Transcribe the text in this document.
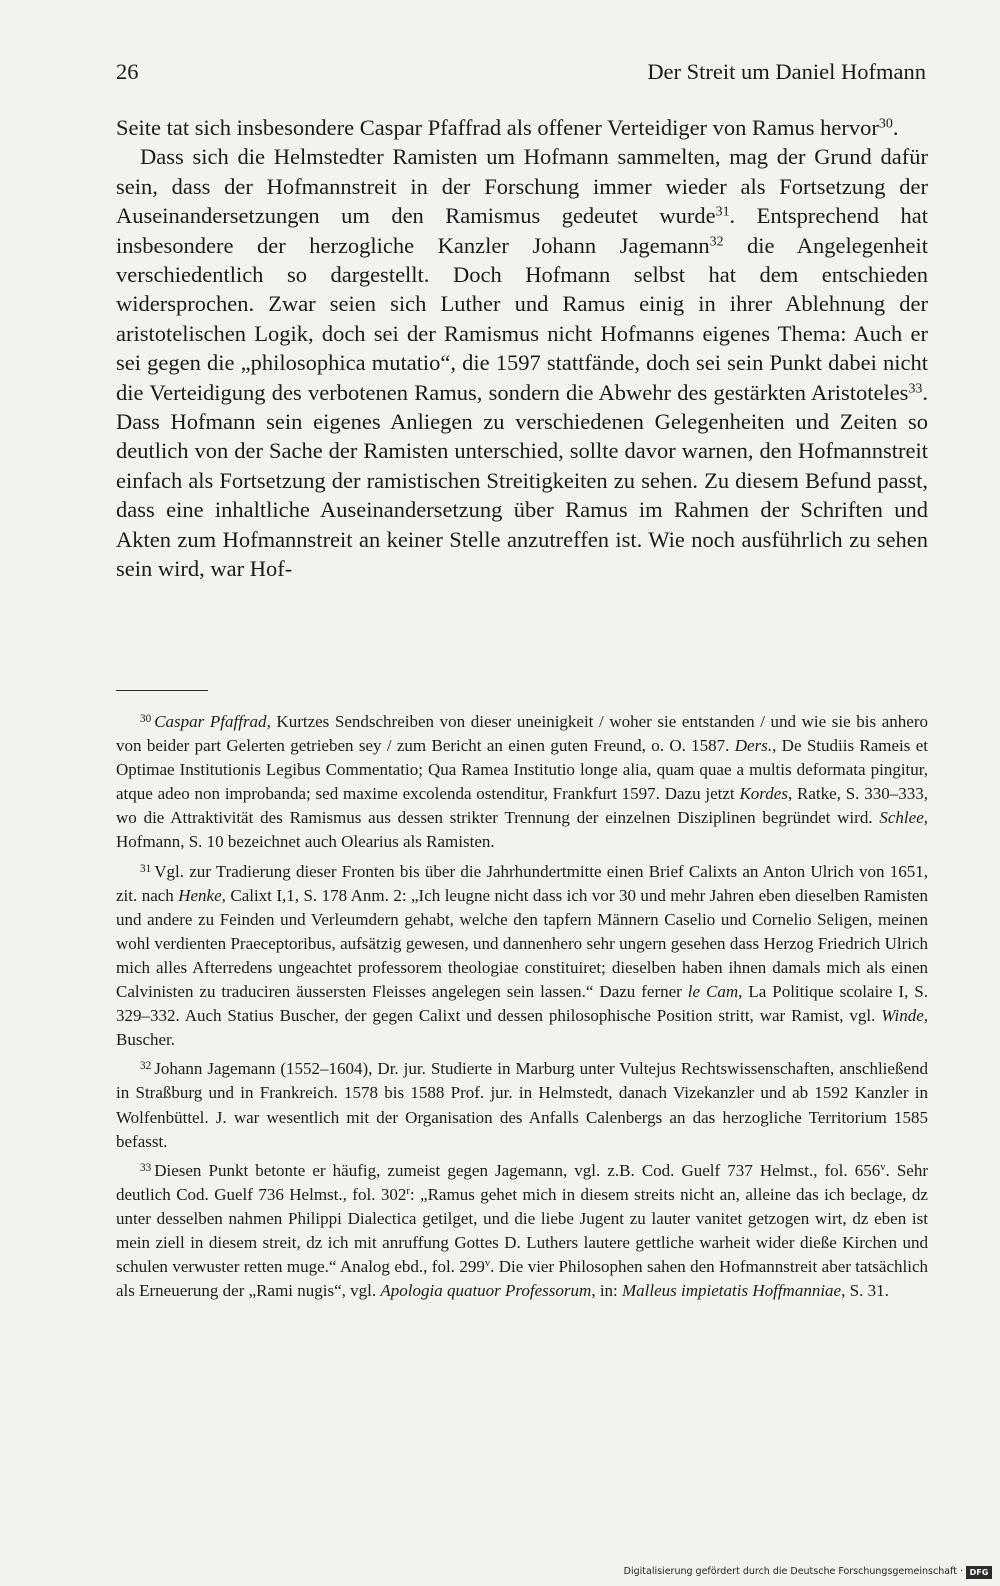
26	Der Streit um Daniel Hofmann

Seite tat sich insbesondere Caspar Pfaffrad als offener Verteidiger von Ramus hervor$^{30}$.

Dass sich die Helmstedter Ramisten um Hofmann sammelten, mag der Grund dafür sein, dass der Hofmannstreit in der Forschung immer wieder als Fortsetzung der Auseinandersetzungen um den Ramismus gedeutet wurde$^{31}$. Entsprechend hat insbesondere der herzogliche Kanzler Johann Jagemann$^{32}$ die Angelegenheit verschiedentlich so dargestellt. Doch Hofmann selbst hat dem entschieden widersprochen. Zwar seien sich Luther und Ramus einig in ihrer Ablehnung der aristotelischen Logik, doch sei der Ramismus nicht Hofmanns eigenes Thema: Auch er sei gegen die „philosophica mutatio“, die 1597 stattfände, doch sei sein Punkt dabei nicht die Verteidigung des verbotenen Ramus, sondern die Abwehr des gestärkten Aristoteles$^{33}$. Dass Hofmann sein eigenes Anliegen zu verschiedenen Gelegenheiten und Zeiten so deutlich von der Sache der Ramisten unterschied, sollte davor warnen, den Hofmannstreit einfach als Fortsetzung der ramistischen Streitigkeiten zu sehen. Zu diesem Befund passt, dass eine inhaltliche Auseinandersetzung über Ramus im Rahmen der Schriften und Akten zum Hofmannstreit an keiner Stelle anzutreffen ist. Wie noch ausführlich zu sehen sein wird, war Hof-

$^{30}$ Caspar Pfaffrad, Kurtzes Sendschreiben von dieser uneinigkeit / woher sie entstanden / und wie sie bis anhero von beider part Gelerten getrieben sey / zum Bericht an einen guten Freund, o. O. 1587. Ders., De Studiis Rameis et Optimae Institutionis Legibus Commentatio; Qua Ramea Institutio longe alia, quam quae a multis deformata pingitur, atque adeo non improbanda; sed maxime excolenda ostenditur, Frankfurt 1597. Dazu jetzt Kordes, Ratke, S. 330–333, wo die Attraktivität des Ramismus aus dessen strikter Trennung der einzelnen Disziplinen begründet wird. Schlee, Hofmann, S. 10 bezeichnet auch Olearius als Ramisten.

$^{31}$ Vgl. zur Tradierung dieser Fronten bis über die Jahrhundertmitte einen Brief Calixts an Anton Ulrich von 1651, zit. nach Henke, Calixt I,1, S. 178 Anm. 2: „Ich leugne nicht dass ich vor 30 und mehr Jahren eben dieselben Ramisten und andere zu Feinden und Verleumdern gehabt, welche den tapfern Männern Caselio und Cornelio Seligen, meinen wohl verdienten Praeceptoribus, aufsätzig gewesen, und dannenhero sehr ungern gesehen dass Herzog Friedrich Ulrich mich alles Afterredens ungeachtet professorem theologiae constituiret; dieselben haben ihnen damals mich als einen Calvinisten zu traduciren äussersten Fleisses angelegen sein lassen.“ Dazu ferner le Cam, La Politique scolaire I, S. 329–332. Auch Statius Buscher, der gegen Calixt und dessen philosophische Position stritt, war Ramist, vgl. Winde, Buscher.

$^{32}$ Johann Jagemann (1552–1604), Dr. jur. Studierte in Marburg unter Vultejus Rechtswissenschaften, anschließend in Straßburg und in Frankreich. 1578 bis 1588 Prof. jur. in Helmstedt, danach Vizekanzler und ab 1592 Kanzler in Wolfenbüttel. J. war wesentlich mit der Organisation des Anfalls Calenbergs an das herzogliche Territorium 1585 befasst.

$^{33}$ Diesen Punkt betonte er häufig, zumeist gegen Jagemann, vgl. z.B. Cod. Guelf 737 Helmst., fol. 656$^v$. Sehr deutlich Cod. Guelf 736 Helmst., fol. 302$^r$: „Ramus gehet mich in diesem streits nicht an, alleine das ich beclage, dz unter desselben nahmen Philippi Dialectica getilget, und die liebe Jugent zu lauter vanitet getzogen wirt, dz eben ist mein ziell in diesem streit, dz ich mit anruffung Gottes D. Luthers lautere gettliche warheit wider dieße Kirchen und schulen verwuster retten muge.“ Analog ebd., fol. 299$^v$. Die vier Philosophen sahen den Hofmannstreit aber tatsächlich als Erneuerung der „Rami nugis“, vgl. Apologia quatuor Professorum, in: Malleus impietatis Hoffmanniae, S. 31.

Digitalisierung gefördert durch die Deutsche Forschungsgemeinschaft · DFG
